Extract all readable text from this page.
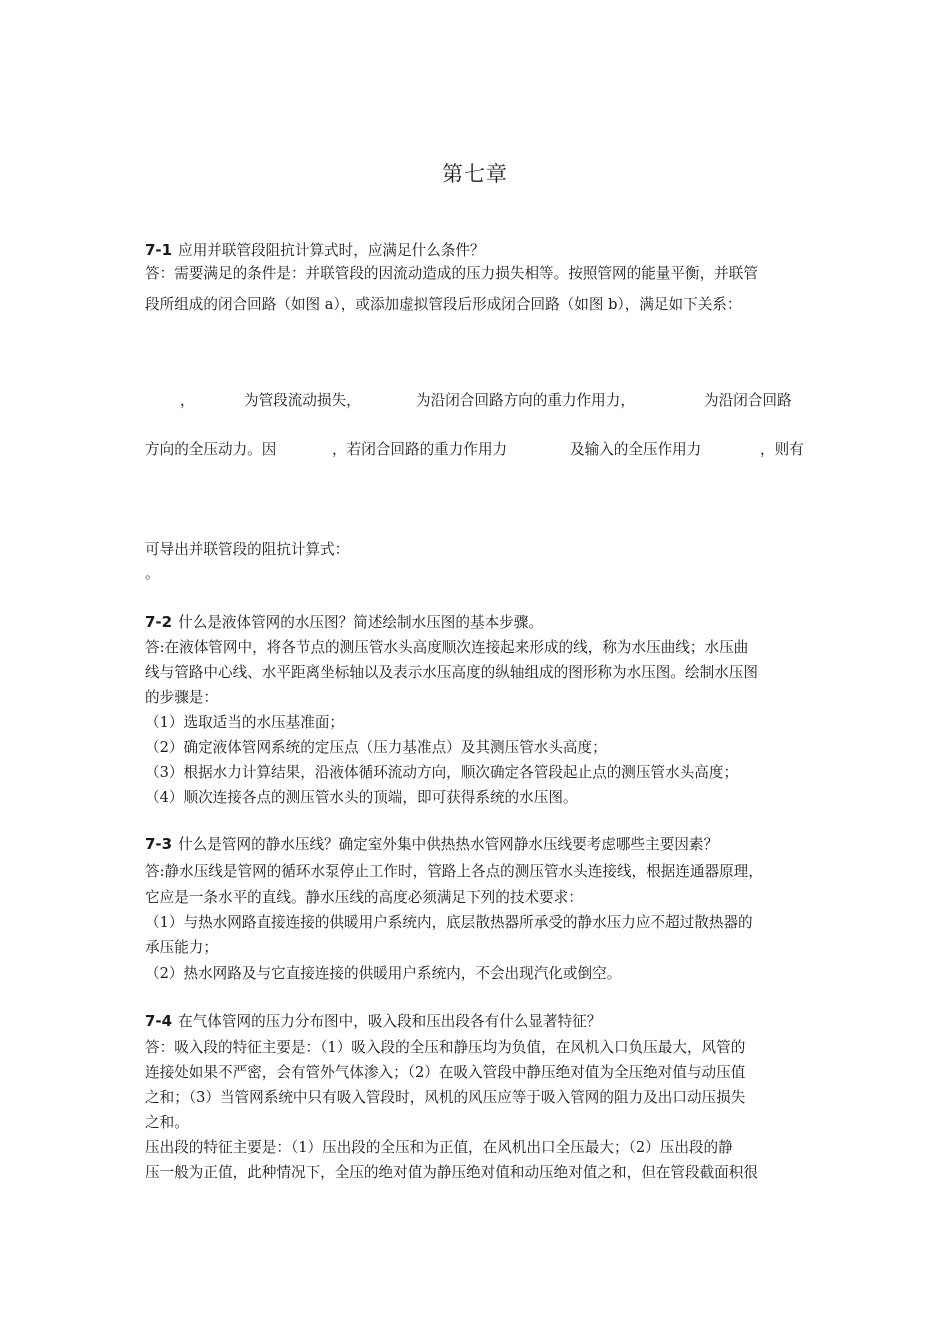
第七章
7-1 应用并联管段阻抗计算式时，应满足什么条件？
答：需要满足的条件是：并联管段的因流动造成的压力损失相等。按照管网的能量平衡，并联管
段所组成的闭合回路（如图 a），或添加虚拟管段后形成闭合回路（如图 b），满足如下关系：
，	为管段流动损失，	为沿闭合回路方向的重力作用力，	为沿闭合回路
方向的全压动力。因	，若闭合回路的重力作用力	及输入的全压作用力	，则有
可导出并联管段的阻抗计算式：
。
7-2 什么是液体管网的水压图？简述绘制水压图的基本步骤。
答:在液体管网中，将各节点的测压管水头高度顺次连接起来形成的线，称为水压曲线；水压曲
线与管路中心线、水平距离坐标轴以及表示水压高度的纵轴组成的图形称为水压图。绘制水压图
的步骤是：
（1）选取适当的水压基准面；
（2）确定液体管网系统的定压点（压力基准点）及其测压管水头高度；
（3）根据水力计算结果，沿液体循环流动方向，顺次确定各管段起止点的测压管水头高度；
（4）顺次连接各点的测压管水头的顶端，即可获得系统的水压图。
7-3 什么是管网的静水压线？确定室外集中供热热水管网静水压线要考虑哪些主要因素？
答:静水压线是管网的循环水泵停止工作时，管路上各点的测压管水头连接线，根据连通器原理，
它应是一条水平的直线。静水压线的高度必须满足下列的技术要求：
（1）与热水网路直接连接的供暖用户系统内，底层散热器所承受的静水压力应不超过散热器的
承压能力；
（2）热水网路及与它直接连接的供暖用户系统内，不会出现汽化或倒空。
7-4 在气体管网的压力分布图中，吸入段和压出段各有什么显著特征？
答：吸入段的特征主要是：（1）吸入段的全压和静压均为负值，在风机入口负压最大，风管的
连接处如果不严密，会有管外气体渗入；（2）在吸入管段中静压绝对值为全压绝对值与动压值
之和；（3）当管网系统中只有吸入管段时，风机的风压应等于吸入管网的阻力及出口动压损失
之和。
压出段的特征主要是：（1）压出段的全压和为正值，在风机出口全压最大；（2）压出段的静
压一般为正值，此种情况下，全压的绝对值为静压绝对值和动压绝对值之和，但在管段截面积很
